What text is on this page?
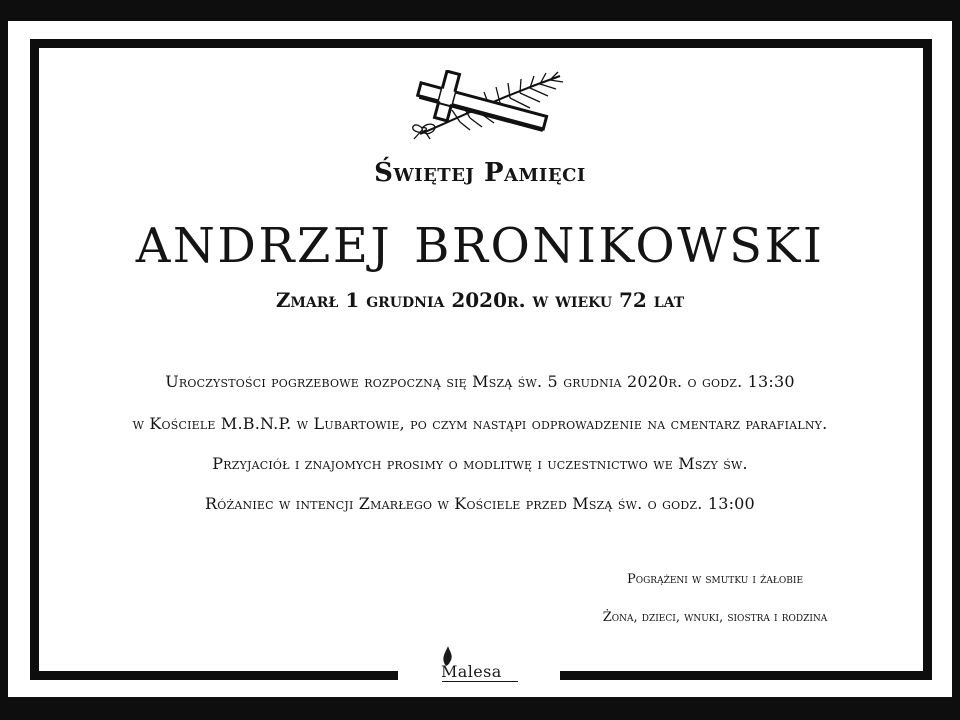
Świętej Pamięci
ANDRZEJ BRONIKOWSKI
Zmarł 1 grudnia 2020r. w wieku 72 lat
Uroczystości pogrzebowe rozpoczną się Mszą św. 5 grudnia 2020r. o godz. 13:30
w Kościele M.B.N.P. w Lubartowie, po czym nastąpi odprowadzenie na cmentarz parafialny.
Przyjaciół i znajomych prosimy o modlitwę i uczestnictwo we Mszy św.
Różaniec w intencji Zmarłego w Kościele przed Mszą św. o godz. 13:00
Pogrążeni w smutku i żałobie
Żona, dzieci, wnuki, siostra i rodzina
Malesa
